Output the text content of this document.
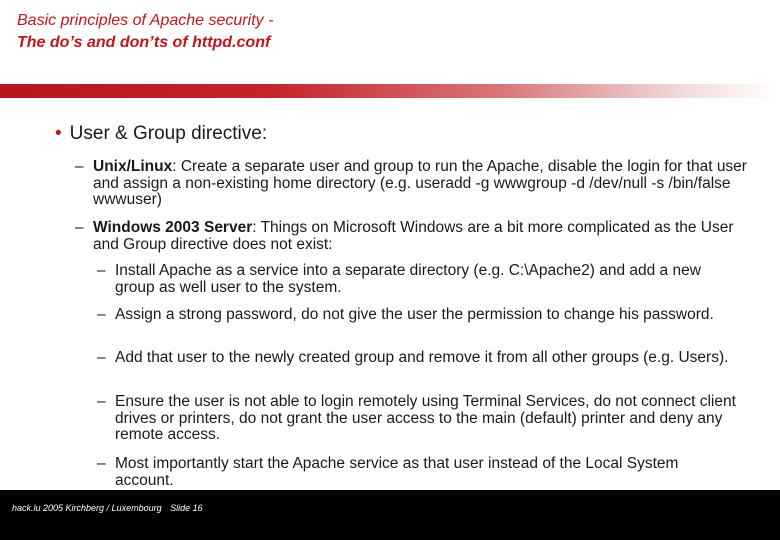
Basic principles of Apache security -
The do’s and don’ts of httpd.conf
• User & Group directive:
– Unix/Linux: Create a separate user and group to run the Apache, disable the login for that user and assign a non-existing home directory (e.g. useradd -g wwwgroup -d /dev/null -s /bin/false wwwuser)
– Windows 2003 Server: Things on Microsoft Windows are a bit more complicated as the User and Group directive does not exist:
– Install Apache as a service into a separate directory (e.g. C:\Apache2) and add a new group as well user to the system.
– Assign a strong password, do not give the user the permission to change his password.
– Add that user to the newly created group and remove it from all other groups (e.g. Users).
– Ensure the user is not able to login remotely using Terminal Services, do not connect client drives or printers, do not grant the user access to the main (default) printer and deny any remote access.
– Most importantly start the Apache service as that user instead of the Local System account.
hack.lu 2005 Kirchberg / Luxembourg Slide 16
